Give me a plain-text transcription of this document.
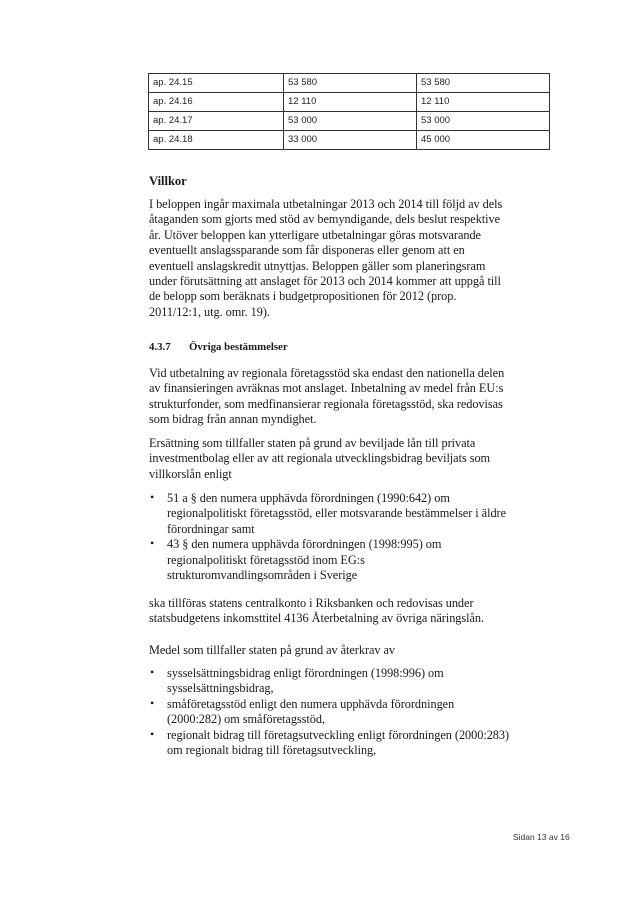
ap. 24.15	53 580	53 580
ap. 24.16	12 110	12 110
ap. 24.17	53 000	53 000
ap. 24.18	33 000	45 000
Villkor
I beloppen ingår maximala utbetalningar 2013 och 2014 till följd av dels
åtaganden som gjorts med stöd av bemyndigande, dels beslut respektive
år. Utöver beloppen kan ytterligare utbetalningar göras motsvarande
eventuellt anslagssparande som får disponeras eller genom att en
eventuell anslagskredit utnyttjas. Beloppen gäller som planeringsram
under förutsättning att anslaget för 2013 och 2014 kommer att uppgå till
de belopp som beräknats i budgetpropositionen för 2012 (prop.
2011/12:1, utg. omr. 19).
4.3.7 Övriga bestämmelser
Vid utbetalning av regionala företagsstöd ska endast den nationella delen
av finansieringen avräknas mot anslaget. Inbetalning av medel från EU:s
strukturfonder, som medfinansierar regionala företagsstöd, ska redovisas
som bidrag från annan myndighet.
Ersättning som tillfaller staten på grund av beviljade lån till privata
investmentbolag eller av att regionala utvecklingsbidrag beviljats som
villkorslån enligt
• 51 a § den numera upphävda förordningen (1990:642) om
regionalpolitiskt företagsstöd, eller motsvarande bestämmelser i äldre
förordningar samt
• 43 § den numera upphävda förordningen (1998:995) om
regionalpolitiskt företagsstöd inom EG:s
strukturomvandlingsområden i Sverige
ska tillföras statens centralkonto i Riksbanken och redovisas under
statsbudgetens inkomsttitel 4136 Återbetalning av övriga näringslån.
Medel som tillfaller staten på grund av återkrav av
• sysselsättningsbidrag enligt förordningen (1998:996) om
sysselsättningsbidrag,
• småföretagsstöd enligt den numera upphävda förordningen
(2000:282) om småföretagsstöd,
• regionalt bidrag till företagsutveckling enligt förordningen (2000:283)
om regionalt bidrag till företagsutveckling,
Sidan 13 av 16
